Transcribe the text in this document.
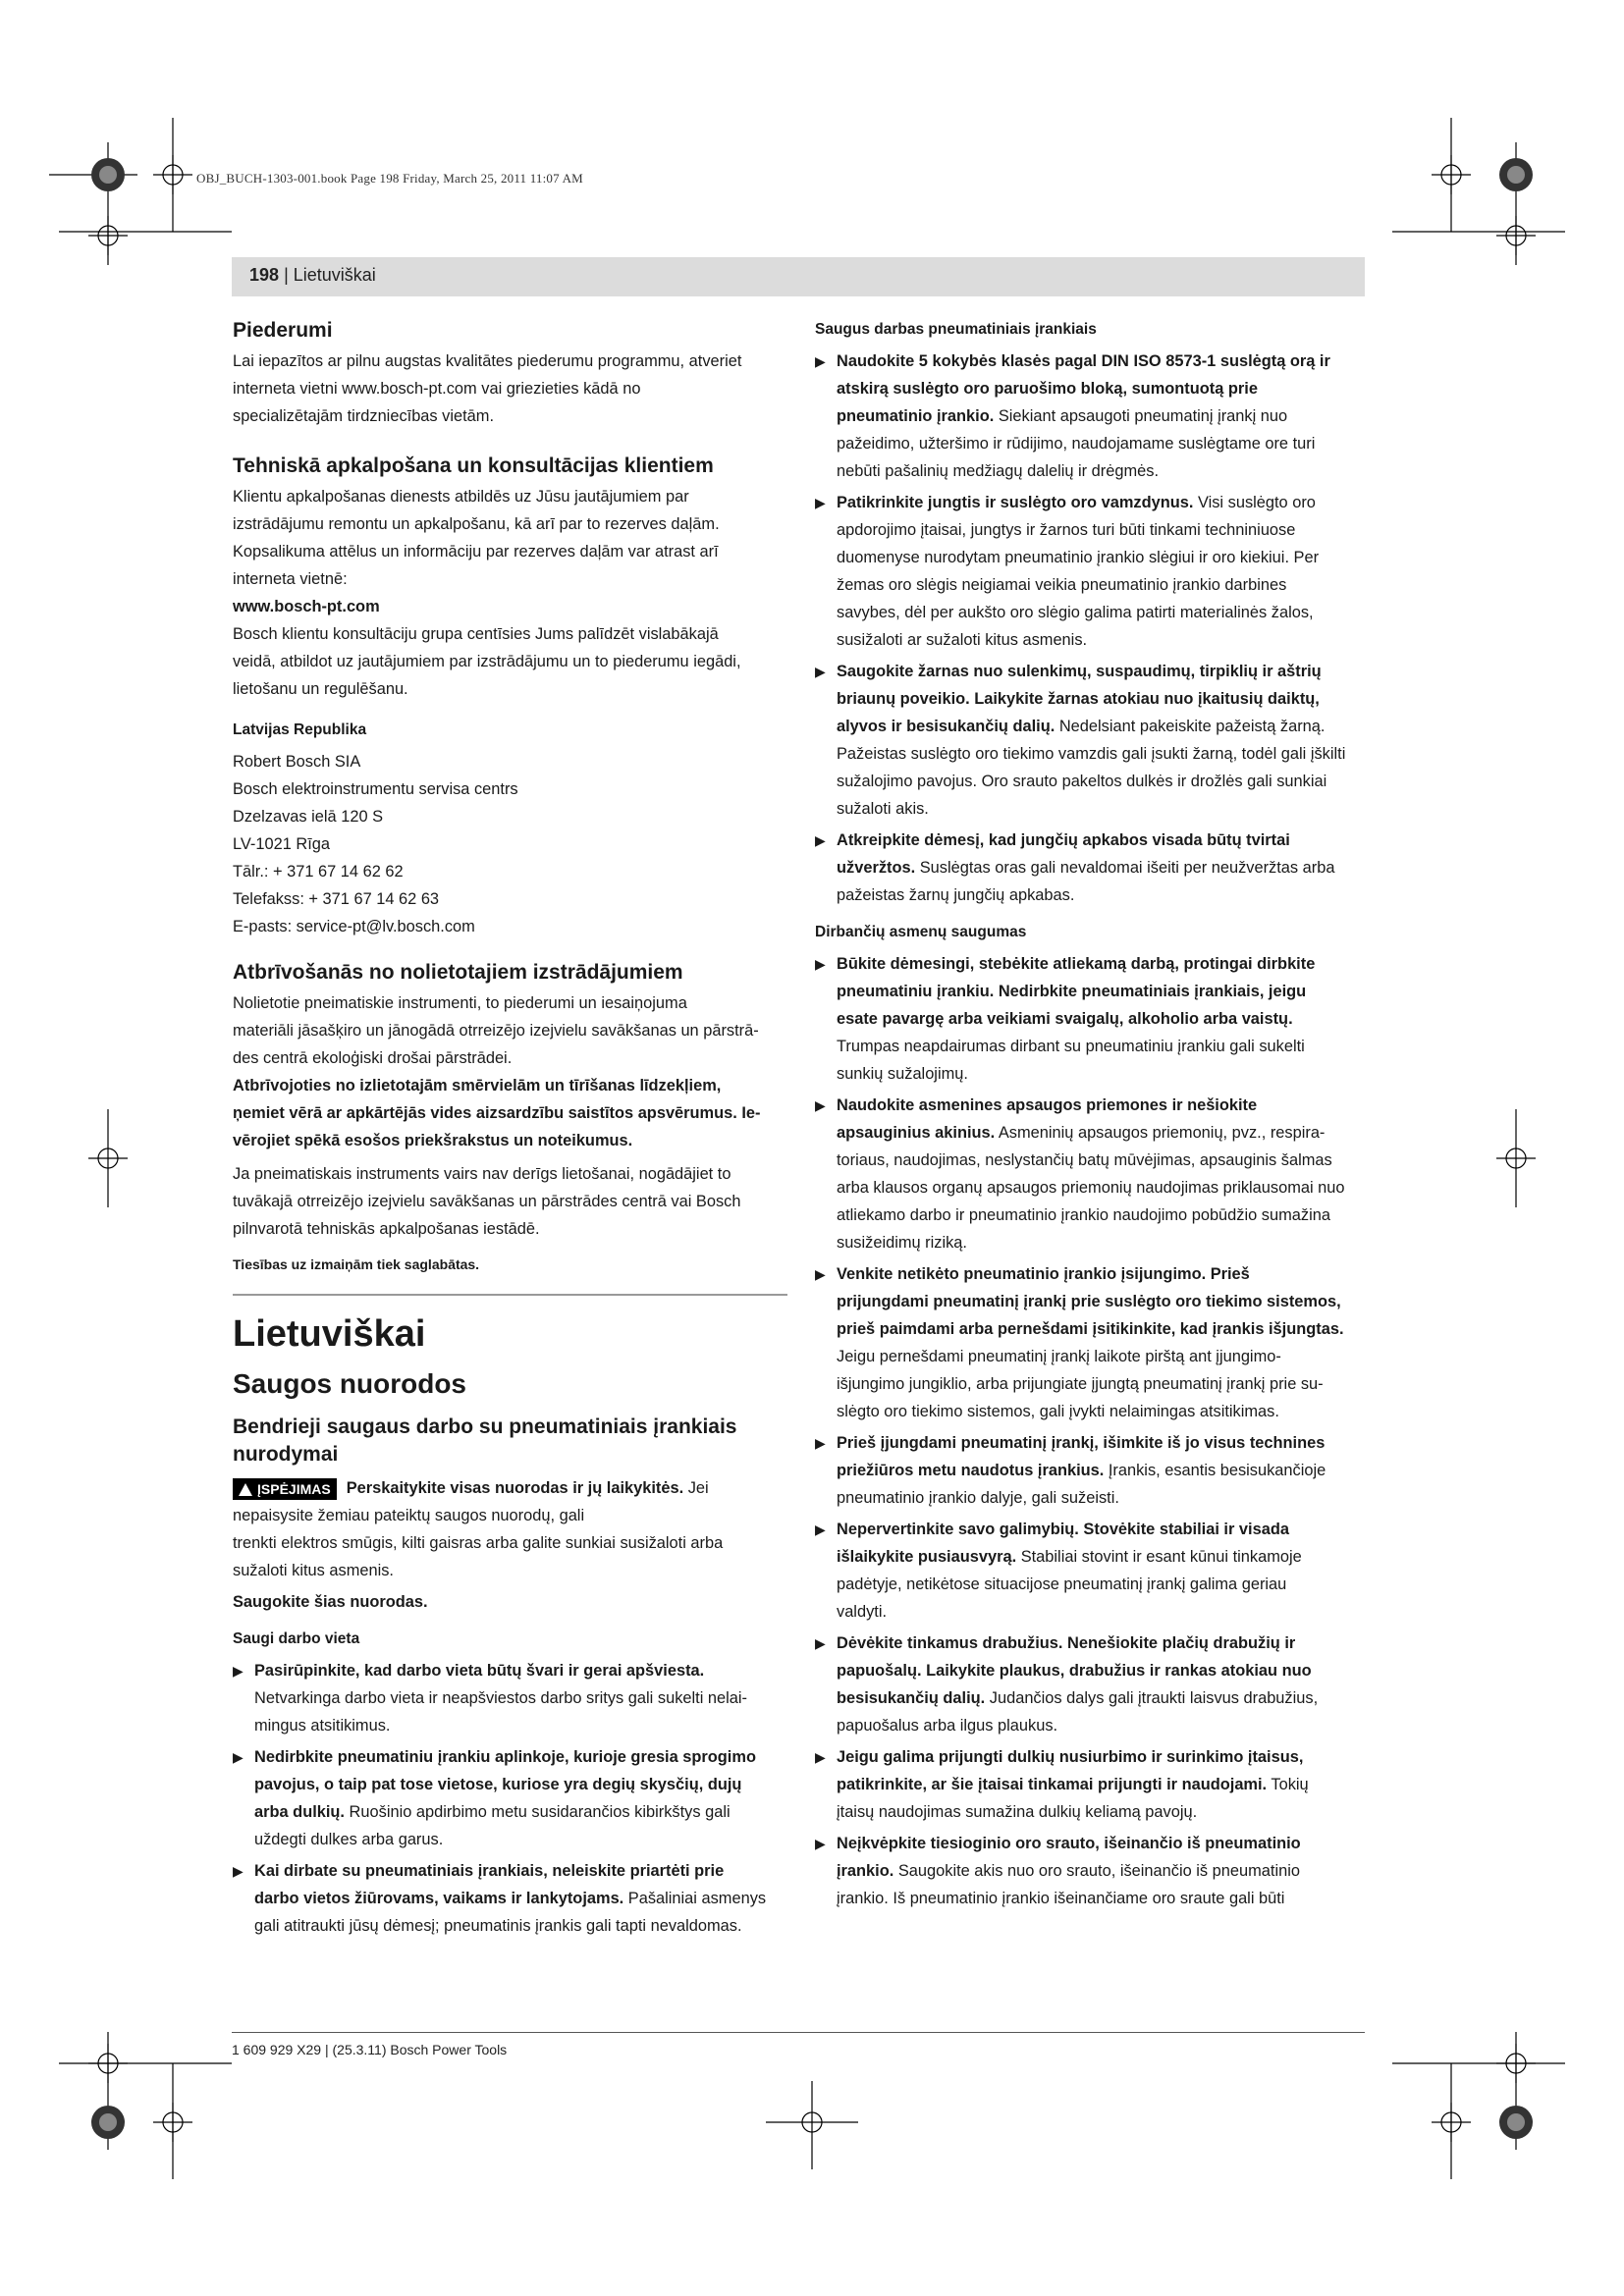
OBJ_BUCH-1303-001.book Page 198 Friday, March 25, 2011 11:07 AM
198 | Lietuviškai
Piederumi

Lai iepazītos ar pilnu augstas kvalitātes piederumu programmu, atveriet

interneta vietni www.bosch-pt.com vai griezieties kādā no

specializētajām tirdzniecības vietām.

Tehniskā apkalpošana un konsultācijas klientiem

Klientu apkalpošanas dienests atbildēs uz Jūsu jautājumiem par

izstrādājumu remontu un apkalpošanu, kā arī par to rezerves daļām.

Kopsalikuma attēlus un informāciju par rezerves daļām var atrast arī

interneta vietnē:

www.bosch-pt.com

Bosch klientu konsultāciju grupa centīsies Jums palīdzēt vislabākajā

veidā, atbildot uz jautājumiem par izstrādājumu un to piederumu iegādi,

lietošanu un regulēšanu.

Latvijas Republika

Robert Bosch SIA

Bosch elektroinstrumentu servisa centrs

Dzelzavas ielā 120 S

LV-1021 Rīga

Tālr.: + 371 67 14 62 62

Telefakss: + 371 67 14 62 63

E-pasts: service-pt@lv.bosch.com

Atbrīvošanās no nolietotajiem izstrādājumiem

Nolietotie pneimatiskie instrumenti, to piederumi un iesaiņojuma

materiāli jāsašķiro un jānogādā otrreizējo izejvielu savākšanas un pārstrā-

des centrā ekoloģiski drošai pārstrādei.

Atbrīvojoties no izlietotajām smērvielām un tīrīšanas līdzekļiem,

ņemiet vērā ar apkārtējās vides aizsardzību saistītos apsvērumus. Ie-

vērojiet spēkā esošos priekšrakstus un noteikumus.

Ja pneimatiskais instruments vairs nav derīgs lietošanai, nogādājiet to

tuvākajā otrreizējo izejvielu savākšanas un pārstrādes centrā vai Bosch

pilnvarotā tehniskās apkalpošanas iestādē.

Tiesības uz izmaiņām tiek saglabātas.

Lietuviškai
Saugos nuorodos
Bendrieji saugaus darbo su pneumatiniais įrankiais nurodymai
ĮSPĖJIMAS Perskaitykite visas nuorodas ir jų laikykitės. Jei

nepaisysite žemiau pateiktų saugos nuorodų, gali

trenkti elektros smūgis, kilti gaisras arba galite sunkiai susižaloti arba

sužaloti kitus asmenis.

Saugokite šias nuorodas.

Saugi darbo vieta
▶ Pasirūpinkite, kad darbo vieta būtų švari ir gerai apšviesta.

Netvarkinga darbo vieta ir neapšviestos darbo sritys gali sukelti nelai-

mingus atsitikimus.

▶ Nedirbkite pneumatiniu įrankiu aplinkoje, kurioje gresia sprogimo

pavojus, o taip pat tose vietose, kuriose yra degių skysčių, dujų

arba dulkių. Ruošinio apdirbimo metu susidarančios kibirkštys gali

uždegti dulkes arba garus.

▶ Kai dirbate su pneumatiniais įrankiais, neleiskite priartėti prie

darbo vietos žiūrovams, vaikams ir lankytojams. Pašaliniai asmenys

gali atitraukti jūsų dėmesį; pneumatinis įrankis gali tapti nevaldomas.

Saugus darbas pneumatiniais įrankiais
▶ Naudokite 5 kokybės klasės pagal DIN ISO 8573-1 suslėgtą orą ir

atskirą suslėgto oro paruošimo bloką, sumontuotą prie

pneumatinio įrankio. Siekiant apsaugoti pneumatinį įrankį nuo

pažeidimo, užteršimo ir rūdijimo, naudojamame suslėgtame ore turi

nebūti pašalinių medžiagų dalelių ir drėgmės.

▶ Patikrinkite jungtis ir suslėgto oro vamzdynus. Visi suslėgto oro

apdorojimo įtaisai, jungtys ir žarnos turi būti tinkami techniniuose

duomenyse nurodytam pneumatinio įrankio slėgiui ir oro kiekiui. Per

žemas oro slėgis neigiamai veikia pneumatinio įrankio darbines

savybes, dėl per aukšto oro slėgio galima patirti materialinės žalos,

susižaloti ar sužaloti kitus asmenis.

▶ Saugokite žarnas nuo sulenkimų, suspaudimų, tirpiklių ir aštrių

briaunų poveikio. Laikykite žarnas atokiau nuo įkaitusių daiktų,

alyvos ir besisukančių dalių. Nedelsiant pakeiskite pažeistą žarną.

Pažeistas suslėgto oro tiekimo vamzdis gali įsukti žarną, todėl gali įškilti

sužalojimo pavojus. Oro srauto pakeltos dulkės ir drožlės gali sunkiai

sužaloti akis.

▶ Atkreipkite dėmesį, kad jungčių apkabos visada būtų tvirtai

užveržtos. Suslėgtas oras gali nevaldomai išeiti per neužveržtas arba

pažeistas žarnų jungčių apkabas.

Dirbančių asmenų saugumas
▶ Būkite dėmesingi, stebėkite atliekamą darbą, protingai dirbkite

pneumatiniu įrankiu. Nedirbkite pneumatiniais įrankiais, jeigu

esate pavargę arba veikiami svaigalų, alkoholio arba vaistų.

Trumpas neapdairumas dirbant su pneumatiniu įrankiu gali sukelti

sunkių sužalojimų.

▶ Naudokite asmenines apsaugos priemones ir nešiokite

apsauginius akinius. Asmeninių apsaugos priemonių, pvz., respira-

toriaus, naudojimas, neslystančių batų mūvėjimas, apsauginis šalmas

arba klausos organų apsaugos priemonių naudojimas priklausomai nuo

atliekamo darbo ir pneumatinio įrankio naudojimo pobūdžio sumažina

susižeidimų riziką.

▶ Venkite netikėto pneumatinio įrankio įsijungimo. Prieš

prijungdami pneumatinį įrankį prie suslėgto oro tiekimo sistemos,

prieš paimdami arba pernešdami įsitikinkite, kad įrankis išjungtas.

Jeigu pernešdami pneumatinį įrankį laikote pirštą ant įjungimo-

išjungimo jungiklio, arba prijungiate įjungtą pneumatinį įrankį prie su-

slėgto oro tiekimo sistemos, gali įvykti nelaimingas atsitikimas.

▶ Prieš įjungdami pneumatinį įrankį, išimkite iš jo visus technines

priežiūros metu naudotus įrankius. Įrankis, esantis besisukančioje

pneumatinio įrankio dalyje, gali sužeisti.

▶ Nepervertinkite savo galimybių. Stovėkite stabiliai ir visada

išlaikykite pusiausvyrą. Stabiliai stovint ir esant kūnui tinkamoje

padėtyje, netikėtose situacijose pneumatinį įrankį galima geriau

valdyti.

▶ Dėvėkite tinkamus drabužius. Nenešiokite plačių drabužių ir

papuošalų. Laikykite plaukus, drabužius ir rankas atokiau nuo

besisukančių dalių. Judančios dalys gali įtraukti laisvus drabužius,

papuošalus arba ilgus plaukus.

▶ Jeigu galima prijungti dulkių nusiurbimo ir surinkimo įtaisus,

patikrinkite, ar šie įtaisai tinkamai prijungti ir naudojami. Tokių

įtaisų naudojimas sumažina dulkių keliamą pavojų.

▶ Neįkvėpkite tiesioginio oro srauto, išeinančio iš pneumatinio

įrankio. Saugokite akis nuo oro srauto, išeinančio iš pneumatinio

įrankio. Iš pneumatinio įrankio išeinančiame oro sraute gali būti

1 609 929 X29 | (25.3.11) Bosch Power Tools
